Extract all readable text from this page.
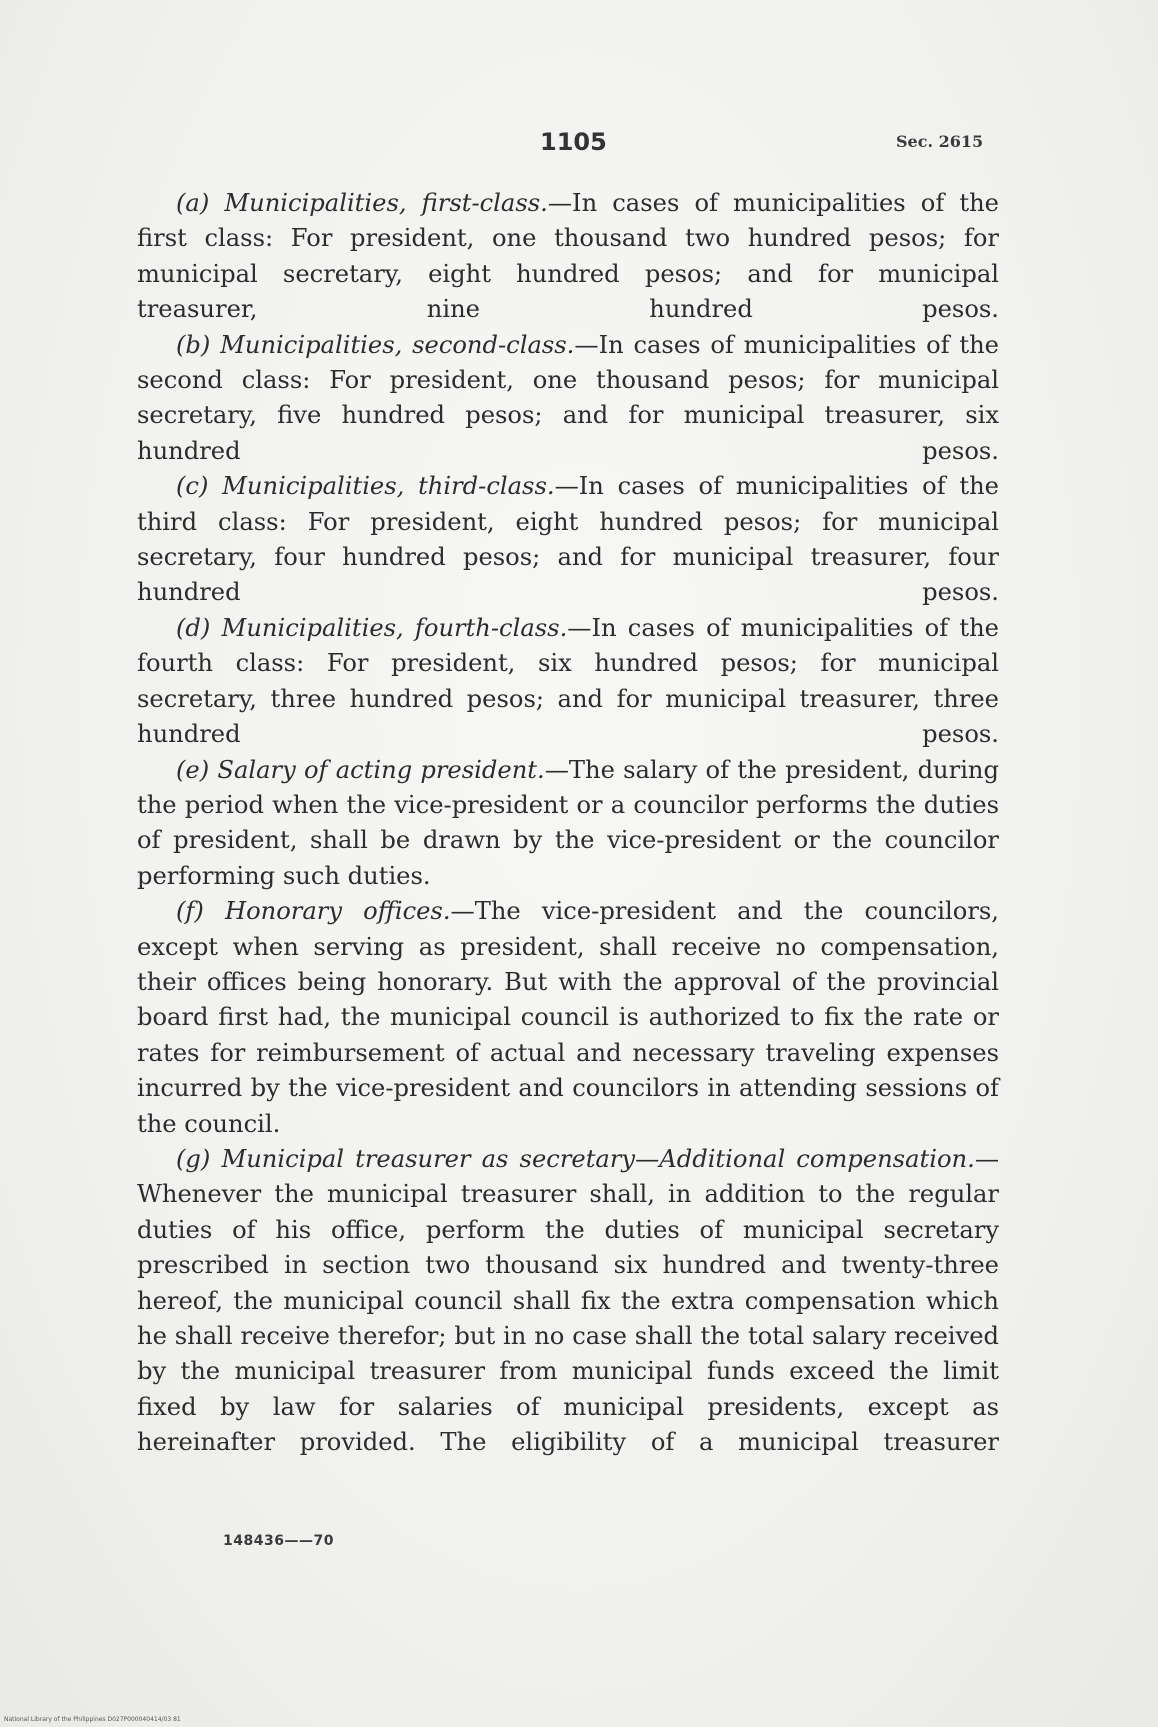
1105	Sec. 2615

(a) Municipalities, first-class.—In cases of municipalities of the first class: For president, one thousand two hundred pesos; for municipal secretary, eight hundred pesos; and for municipal treasurer, nine hundred pesos.

(b) Municipalities, second-class.—In cases of municipalities of the second class: For president, one thousand pesos; for municipal secretary, five hundred pesos; and for municipal treasurer, six hundred pesos.

(c) Municipalities, third-class.—In cases of municipalities of the third class: For president, eight hundred pesos; for municipal secretary, four hundred pesos; and for municipal treasurer, four hundred pesos.

(d) Municipalities, fourth-class.—In cases of municipalities of the fourth class: For president, six hundred pesos; for municipal secretary, three hundred pesos; and for municipal treasurer, three hundred pesos.

(e) Salary of acting president.—The salary of the president, during the period when the vice-president or a councilor performs the duties of president, shall be drawn by the vice-president or the councilor performing such duties.

(f) Honorary offices.—The vice-president and the councilors, except when serving as president, shall receive no compensation, their offices being honorary. But with the approval of the provincial board first had, the municipal council is authorized to fix the rate or rates for reimbursement of actual and necessary traveling expenses incurred by the vice-president and councilors in attending sessions of the council.

(g) Municipal treasurer as secretary—Additional compensation.—Whenever the municipal treasurer shall, in addition to the regular duties of his office, perform the duties of municipal secretary prescribed in section two thousand six hundred and twenty-three hereof, the municipal council shall fix the extra compensation which he shall receive therefor; but in no case shall the total salary received by the municipal treasurer from municipal funds exceed the limit fixed by law for salaries of municipal presidents, except as hereinafter provided. The eligibility of a municipal treasurer

148436——70
National Library of the Philippines D027P000040414/03 81
